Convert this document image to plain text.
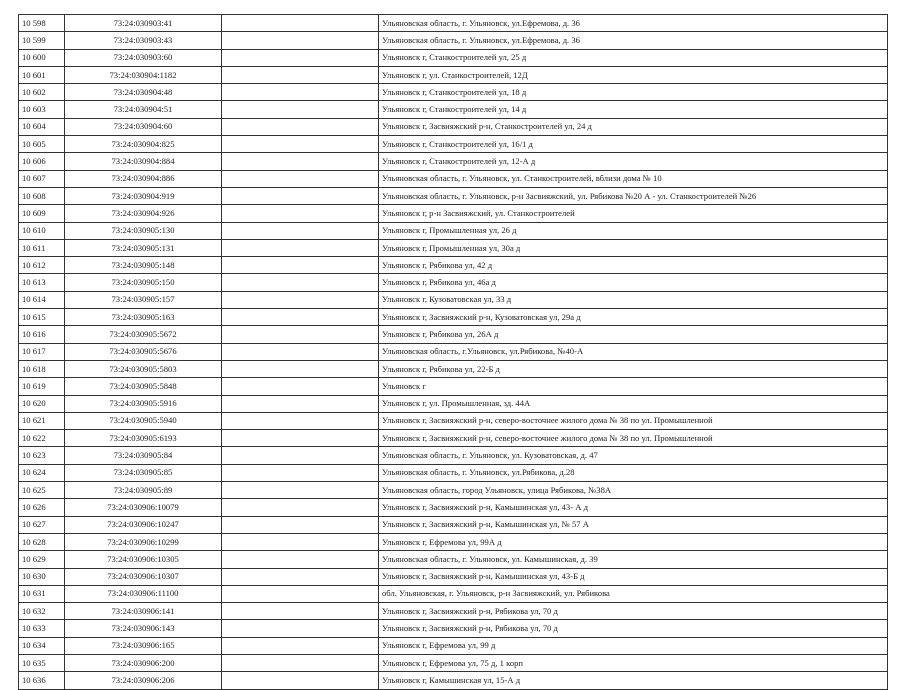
10 598	73:24:030903:41		Ульяновская область, г. Ульяновск, ул.Ефремова, д. 36
10 599	73:24:030903:43		Ульяновская область, г. Ульяновск, ул.Ефремова, д. 36
10 600	73:24:030903:60		Ульяновск г, Станкостроителей ул, 25 д
10 601	73:24:030904:1182		Ульяновск г, ул. Станкостроителей, 12Д
10 602	73:24:030904:48		Ульяновск г, Станкостроителей ул, 18 д
10 603	73:24:030904:51		Ульяновск г, Станкостроителей ул, 14 д
10 604	73:24:030904:60		Ульяновск г, Засвияжский р-н, Станкостроителей ул, 24 д
10 605	73:24:030904:825		Ульяновск г, Станкостроителей ул, 16/1 д
10 606	73:24:030904:884		Ульяновск г, Станкостроителей ул, 12-А д
10 607	73:24:030904:886		Ульяновская область, г. Ульяновск, ул. Станкостроителей, вблизи дома № 10
10 608	73:24:030904:919		Ульяновская область, г. Ульяновск, р-н Засвияжский, ул. Рябикова №20 А - ул. Станкостроителей №26
10 609	73:24:030904:926		Ульяновск г, р-н Засвияжский, ул. Станкостроителей
10 610	73:24:030905:130		Ульяновск г, Промышленная ул, 26 д
10 611	73:24:030905:131		Ульяновск г, Промышленная ул, 30а д
10 612	73:24:030905:148		Ульяновск г, Рябикова ул, 42 д
10 613	73:24:030905:150		Ульяновск г, Рябикова ул, 46а д
10 614	73:24:030905:157		Ульяновск г, Кузоватовская ул, 33 д
10 615	73:24:030905:163		Ульяновск г, Засвияжский р-н, Кузоватовская ул, 29а д
10 616	73:24:030905:5672		Ульяновск г, Рябикова ул, 26А д
10 617	73:24:030905:5676		Ульяновская область, г.Ульяновск, ул.Рябикова, №40-А
10 618	73:24:030905:5803		Ульяновск г, Рябикова ул, 22-Б д
10 619	73:24:030905:5848		Ульяновск г
10 620	73:24:030905:5916		Ульяновск г, ул. Промышленная, зд. 44А
10 621	73:24:030905:5940		Ульяновск г, Засвияжский р-н, северо-восточнее жилого дома № 38 по ул. Промышленной
10 622	73:24:030905:6193		Ульяновск г, Засвияжский р-н, северо-восточнее жилого дома № 38 по ул. Промышленной
10 623	73:24:030905:84		Ульяновская область, г. Ульяновск, ул. Кузоватовская, д. 47
10 624	73:24:030905:85		Ульяновская область, г. Ульяновск, ул.Рябикова, д.28
10 625	73:24:030905:89		Ульяновская область, город Ульяновск, улица Рябикова, №38А
10 626	73:24:030906:10079		Ульяновск г, Засвияжский р-н, Камышинская ул, 43- А д
10 627	73:24:030906:10247		Ульяновск г, Засвияжский р-н, Камышинская ул, № 57 А
10 628	73:24:030906:10299		Ульяновск г, Ефремова ул, 99А д
10 629	73:24:030906:10305		Ульяновская область, г. Ульяновск, ул. Камышинская, д. 39
10 630	73:24:030906:10307		Ульяновск г, Засвияжский р-н, Камышинская ул, 43-Б д
10 631	73:24:030906:11100		обл. Ульяновская, г. Ульяновск, р-н Засвияжский, ул. Рябикова
10 632	73:24:030906:141		Ульяновск г, Засвияжский р-н, Рябикова ул, 70 д
10 633	73:24:030906:143		Ульяновск г, Засвияжский р-н, Рябикова ул, 70 д
10 634	73:24:030906:165		Ульяновск г, Ефремова ул, 99 д
10 635	73:24:030906:200		Ульяновск г, Ефремова ул, 75 д, 1 корп
10 636	73:24:030906:206		Ульяновск г, Камышинская ул, 15-А д
